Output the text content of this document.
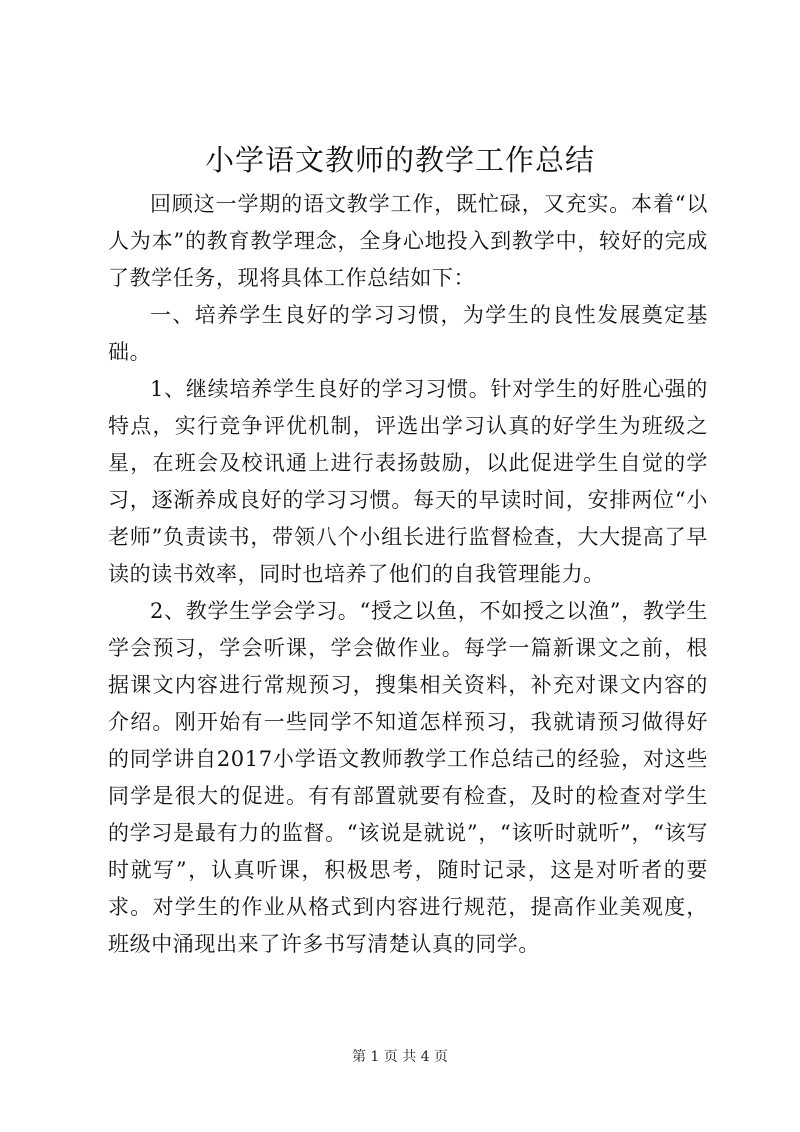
小学语文教师的教学工作总结

回顾这一学期的语文教学工作，既忙碌，又充实。本着“以人为本”的教育教学理念，全身心地投入到教学中，较好的完成了教学任务，现将具体工作总结如下：

一、培养学生良好的学习习惯，为学生的良性发展奠定基础。

1、继续培养学生良好的学习习惯。针对学生的好胜心强的特点，实行竞争评优机制，评选出学习认真的好学生为班级之星，在班会及校讯通上进行表扬鼓励，以此促进学生自觉的学习，逐渐养成良好的学习习惯。每天的早读时间，安排两位“小老师”负责读书，带领八个小组长进行监督检查，大大提高了早读的读书效率，同时也培养了他们的自我管理能力。

2、教学生学会学习。“授之以鱼，不如授之以渔”，教学生学会预习，学会听课，学会做作业。每学一篇新课文之前，根据课文内容进行常规预习，搜集相关资料，补充对课文内容的介绍。刚开始有一些同学不知道怎样预习，我就请预习做得好的同学讲自2017小学语文教师教学工作总结己的经验，对这些同学是很大的促进。有有部置就要有检查，及时的检查对学生的学习是最有力的监督。“该说是就说”，“该听时就听”，“该写时就写”，认真听课，积极思考，随时记录，这是对听者的要求。对学生的作业从格式到内容进行规范，提高作业美观度，班级中涌现出来了许多书写清楚认真的同学。

第 1 页 共 4 页
